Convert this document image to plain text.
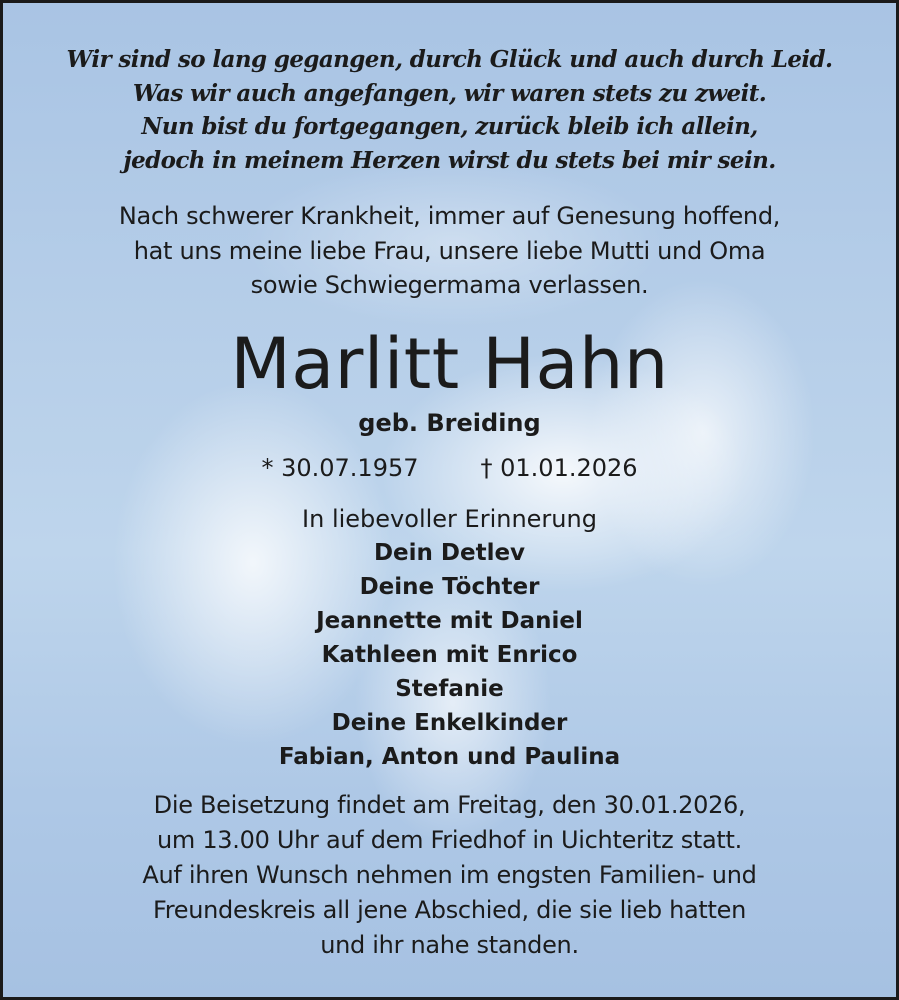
Wir sind so lang gegangen, durch Glück und auch durch Leid.
Was wir auch angefangen, wir waren stets zu zweit.
Nun bist du fortgegangen, zurück bleib ich allein,
jedoch in meinem Herzen wirst du stets bei mir sein.
Nach schwerer Krankheit, immer auf Genesung hoffend,
hat uns meine liebe Frau, unsere liebe Mutti und Oma
sowie Schwiegermama verlassen.
Marlitt Hahn
geb. Breiding
* 30.07.1957	† 01.01.2026
In liebevoller Erinnerung
Dein Detlev
Deine Töchter
Jeannette mit Daniel
Kathleen mit Enrico
Stefanie
Deine Enkelkinder
Fabian, Anton und Paulina
Die Beisetzung findet am Freitag, den 30.01.2026,
um 13.00 Uhr auf dem Friedhof in Uichteritz statt.
Auf ihren Wunsch nehmen im engsten Familien- und
Freundeskreis all jene Abschied, die sie lieb hatten
und ihr nahe standen.
